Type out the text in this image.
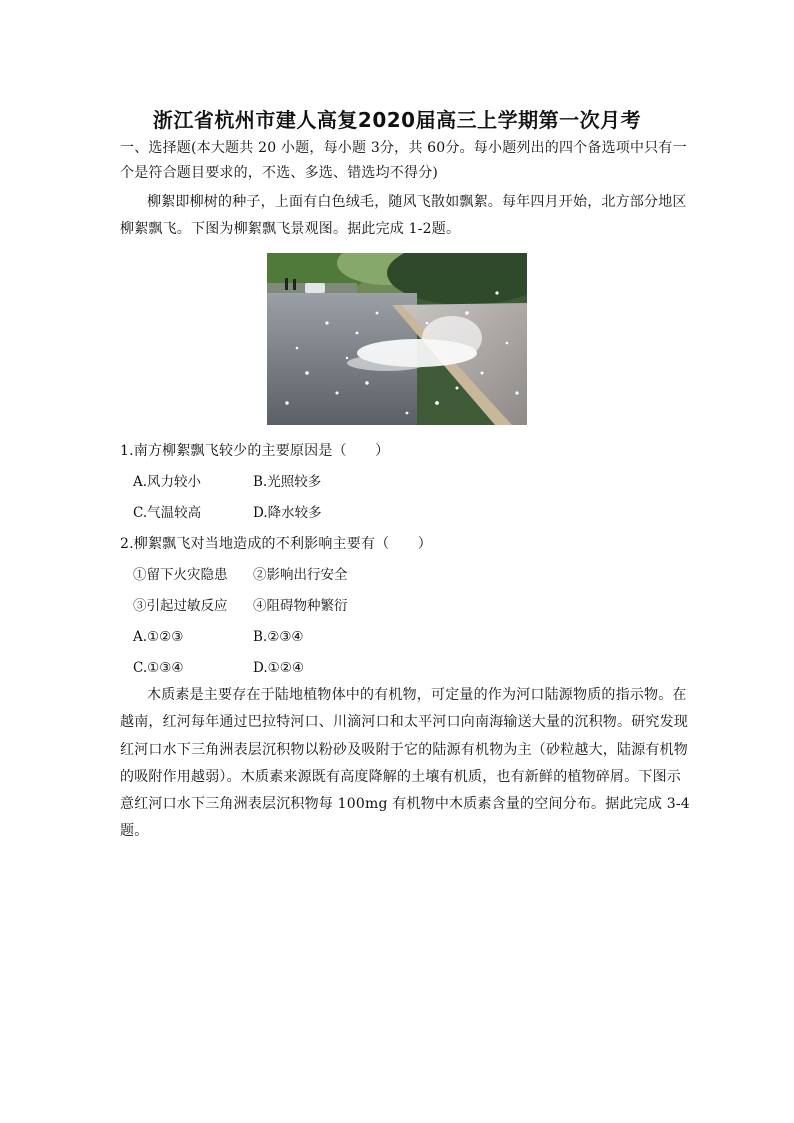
浙江省杭州市建人高复2020届高三上学期第一次月考
一、选择题(本大题共 20 小题，每小题 3分，共 60分。每小题列出的四个备选项中只有一
个是符合题目要求的，不选、多选、错选均不得分)
柳絮即柳树的种子，上面有白色绒毛，随风飞散如飘絮。每年四月开始，北方部分地区
柳絮飘飞。下图为柳絮飘飞景观图。据此完成 1-2题。
1.南方柳絮飘飞较少的主要原因是（　　）
A.风力较小	B.光照较多
C.气温较高	D.降水较多
2.柳絮飘飞对当地造成的不利影响主要有（　　）
①留下火灾隐患 ②影响出行安全
③引起过敏反应 ④阻碍物种繁衍
A.①②③	B.②③④
C.①③④	D.①②④
木质素是主要存在于陆地植物体中的有机物，可定量的作为河口陆源物质的指示物。在
越南，红河每年通过巴拉特河口、川滴河口和太平河口向南海输送大量的沉积物。研究发现
红河口水下三角洲表层沉积物以粉砂及吸附于它的陆源有机物为主（砂粒越大，陆源有机物
的吸附作用越弱）。木质素来源既有高度降解的土壤有机质，也有新鲜的植物碎屑。下图示
意红河口水下三角洲表层沉积物每 100mg 有机物中木质素含量的空间分布。据此完成 3-4
题。
